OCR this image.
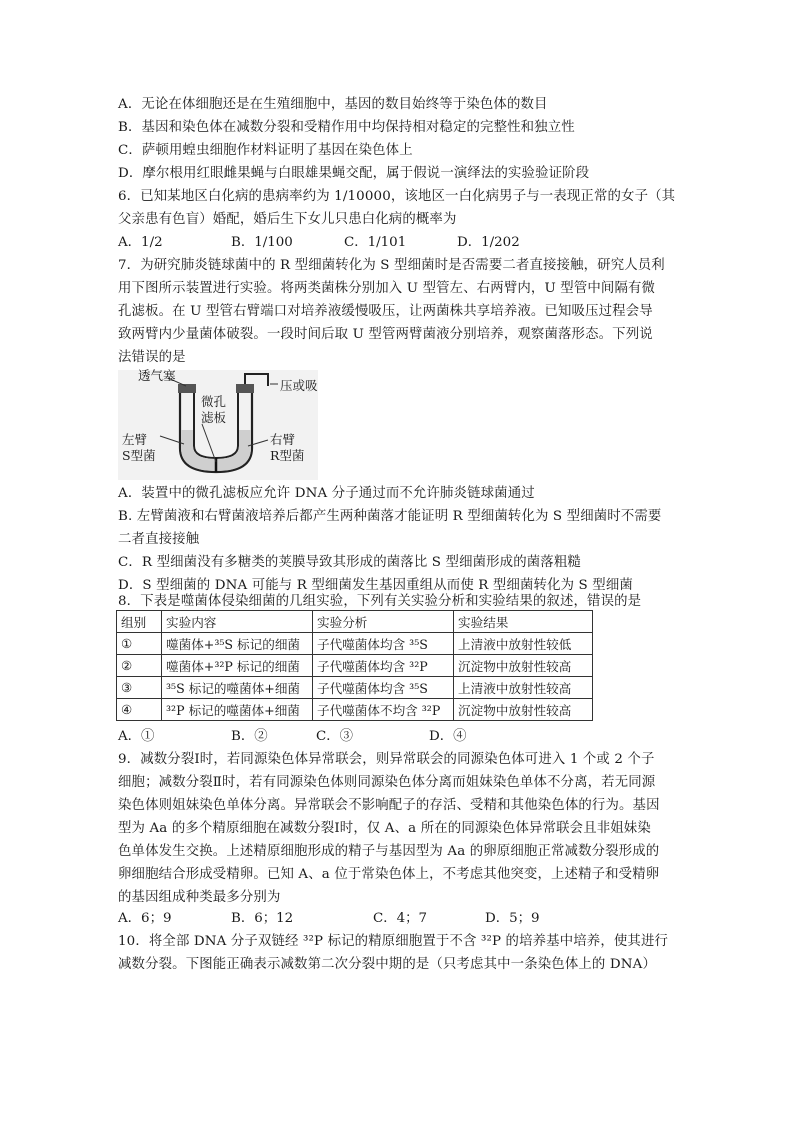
A．无论在体细胞还是在生殖细胞中，基因的数目始终等于染色体的数目
B．基因和染色体在减数分裂和受精作用中均保持相对稳定的完整性和独立性
C．萨顿用蝗虫细胞作材料证明了基因在染色体上
D．摩尔根用红眼雌果蝇与白眼雄果蝇交配，属于假说一演绎法的实验验证阶段
6．已知某地区白化病的患病率约为 1/10000，该地区一白化病男子与一表现正常的女子（其
父亲患有色盲）婚配，婚后生下女儿只患白化病的概率为
A．1/2	B．1/100	C．1/101	D．1/202
7．为研究肺炎链球菌中的 R 型细菌转化为 S 型细菌时是否需要二者直接接触，研究人员利
用下图所示装置进行实验。将两类菌株分别加入 U 型管左、右两臂内，U 型管中间隔有微
孔滤板。在 U 型管右臂端口对培养液缓慢吸压，让两菌株共享培养液。已知吸压过程会导
致两臂内少量菌体破裂。一段时间后取 U 型管两臂菌液分别培养，观察菌落形态。下列说
法错误的是
透气塞
压或吸
微孔
滤板
左臂
S型菌
右臂
R型菌
A．装置中的微孔滤板应允许 DNA 分子通过而不允许肺炎链球菌通过
B. 左臂菌液和右臂菌液培养后都产生两种菌落才能证明 R 型细菌转化为 S 型细菌时不需要
二者直接接触
C．R 型细菌没有多糖类的荚膜导致其形成的菌落比 S 型细菌形成的菌落粗糙
D．S 型细菌的 DNA 可能与 R 型细菌发生基因重组从而使 R 型细菌转化为 S 型细菌
8．下表是噬菌体侵染细菌的几组实验，下列有关实验分析和实验结果的叙述，错误的是
组别	实验内容	实验分析	实验结果
①	噬菌体+³⁵S 标记的细菌	子代噬菌体均含 ³⁵S	上清液中放射性较低
②	噬菌体+³²P 标记的细菌	子代噬菌体均含 ³²P	沉淀物中放射性较高
③	³⁵S 标记的噬菌体+细菌	子代噬菌体均含 ³⁵S	上清液中放射性较高
④	³²P 标记的噬菌体+细菌	子代噬菌体不均含 ³²P	沉淀物中放射性较高
A．①	B．②	C．③	D．④
9．减数分裂Ⅰ时，若同源染色体异常联会，则异常联会的同源染色体可进入 1 个或 2 个子
细胞；减数分裂Ⅱ时，若有同源染色体则同源染色体分离而姐妹染色单体不分离，若无同源
染色体则姐妹染色单体分离。异常联会不影响配子的存活、受精和其他染色体的行为。基因
型为 Aa 的多个精原细胞在减数分裂Ⅰ时，仅 A、a 所在的同源染色体异常联会且非姐妹染
色单体发生交换。上述精原细胞形成的精子与基因型为 Aa 的卵原细胞正常减数分裂形成的
卵细胞结合形成受精卵。已知 A、a 位于常染色体上，不考虑其他突变，上述精子和受精卵
的基因组成种类最多分别为
A．6；9	B．6；12	C．4；7	D．5；9
10．将全部 DNA 分子双链经 ³²P 标记的精原细胞置于不含 ³²P 的培养基中培养，使其进行
减数分裂。下图能正确表示减数第二次分裂中期的是（只考虑其中一条染色体上的 DNA）
